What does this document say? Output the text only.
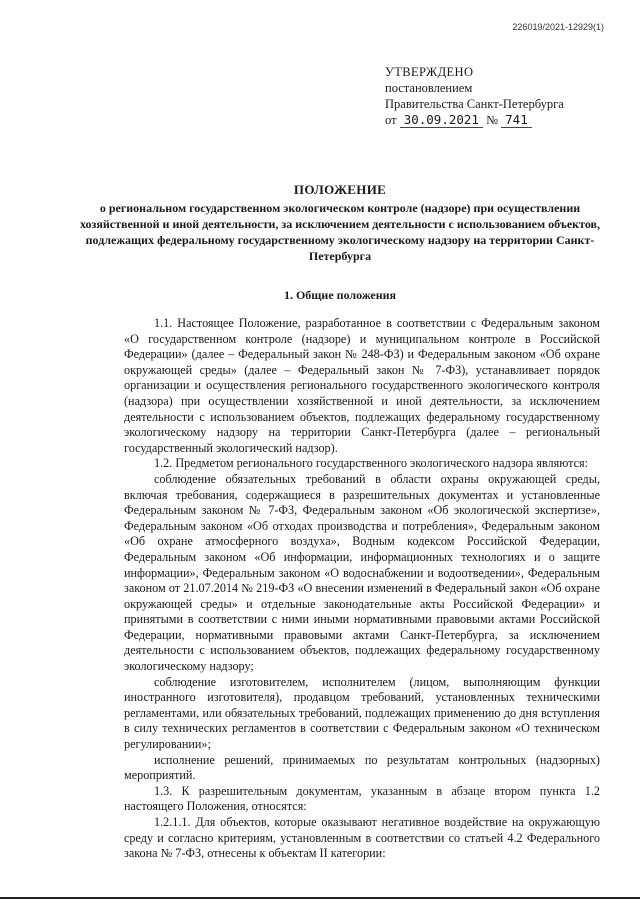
226019/2021-12929(1)
УТВЕРЖДЕНО
постановлением
Правительства Санкт-Петербурга
от 30.09.2021 № 741
ПОЛОЖЕНИЕ
о региональном государственном экологическом контроле (надзоре) при осуществлении хозяйственной и иной деятельности, за исключением деятельности с использованием объектов, подлежащих федеральному государственному экологическому надзору на территории Санкт-Петербурга
1. Общие положения

1.1. Настоящее Положение, разработанное в соответствии с Федеральным законом «О государственном контроле (надзоре) и муниципальном контроле в Российской Федерации» (далее – Федеральный закон № 248-ФЗ) и Федеральным законом «Об охране окружающей среды» (далее – Федеральный закон № 7-ФЗ), устанавливает порядок организации и осуществления регионального государственного экологического контроля (надзора) при осуществлении хозяйственной и иной деятельности, за исключением деятельности с использованием объектов, подлежащих федеральному государственному экологическому надзору на территории Санкт-Петербурга (далее – региональный государственный экологический надзор).

1.2. Предметом регионального государственного экологического надзора являются:

соблюдение обязательных требований в области охраны окружающей среды, включая требования, содержащиеся в разрешительных документах и установленные Федеральным законом № 7-ФЗ, Федеральным законом «Об экологической экспертизе», Федеральным законом «Об отходах производства и потребления», Федеральным законом «Об охране атмосферного воздуха», Водным кодексом Российской Федерации, Федеральным законом «Об информации, информационных технологиях и о защите информации», Федеральным законом «О водоснабжении и водоотведении», Федеральным законом от 21.07.2014 № 219-ФЗ «О внесении изменений в Федеральный закон «Об охране окружающей среды» и отдельные законодательные акты Российской Федерации» и принятыми в соответствии с ними иными нормативными правовыми актами Российской Федерации, нормативными правовыми актами Санкт-Петербурга, за исключением деятельности с использованием объектов, подлежащих федеральному государственному экологическому надзору;

соблюдение изготовителем, исполнителем (лицом, выполняющим функции иностранного изготовителя), продавцом требований, установленных техническими регламентами, или обязательных требований, подлежащих применению до дня вступления в силу технических регламентов в соответствии с Федеральным законом «О техническом регулировании»;

исполнение решений, принимаемых по результатам контрольных (надзорных) мероприятий.

1.3. К разрешительным документам, указанным в абзаце втором пункта 1.2 настоящего Положения, относятся:

1.2.1.1. Для объектов, которые оказывают негативное воздействие на окружающую среду и согласно критериям, установленным в соответствии со статьей 4.2 Федерального закона № 7-ФЗ, отнесены к объектам II категории:
